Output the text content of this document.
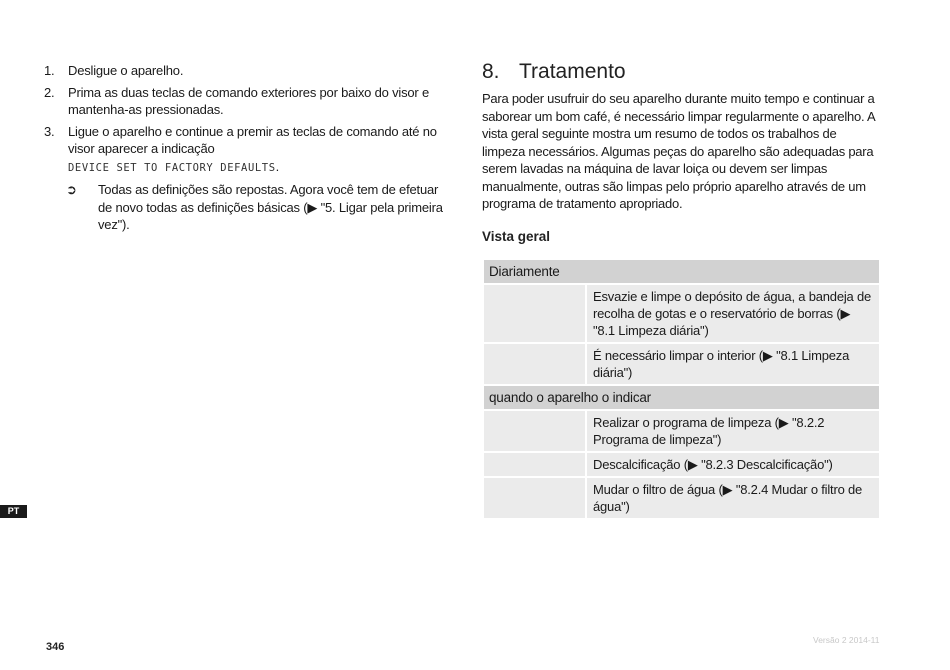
1.	Desligue o aparelho.
2.	Prima as duas teclas de comando exteriores por baixo do visor e mantenha-as pressionadas.
3.	Ligue o aparelho e continue a premir as teclas de comando até no visor aparecer a indicação
DEVICE SET TO FACTORY DEFAULTS.
➲	Todas as definições são repostas. Agora você tem de efetuar de novo todas as definições básicas (▶ "5. Ligar pela primeira vez").
8. Tratamento

Para poder usufruir do seu aparelho durante muito tempo e continuar a saborear um bom café, é necessário limpar regularmente o aparelho. A vista geral seguinte mostra um resumo de todos os trabalhos de limpeza necessários. Algumas peças do aparelho são adequadas para serem lavadas na máquina de lavar loiça ou devem ser limpas manualmente, outras são limpas pelo próprio aparelho através de um programa de tratamento apropriado.

Vista geral
Diariamente	
	Esvazie e limpe o depósito de água, a bandeja de recolha de gotas e o reservatório de borras (▶ "8.1 Limpeza diária")
	É necessário limpar o interior (▶ "8.1 Limpeza diária")
quando o aparelho o indicar	
	Realizar o programa de limpeza (▶ "8.2.2 Programa de limpeza")
	Descalcificação (▶ "8.2.3 Descalcificação")
	Mudar o filtro de água (▶ "8.2.4 Mudar o filtro de água")
PT
346
Versão 2 2014-11
